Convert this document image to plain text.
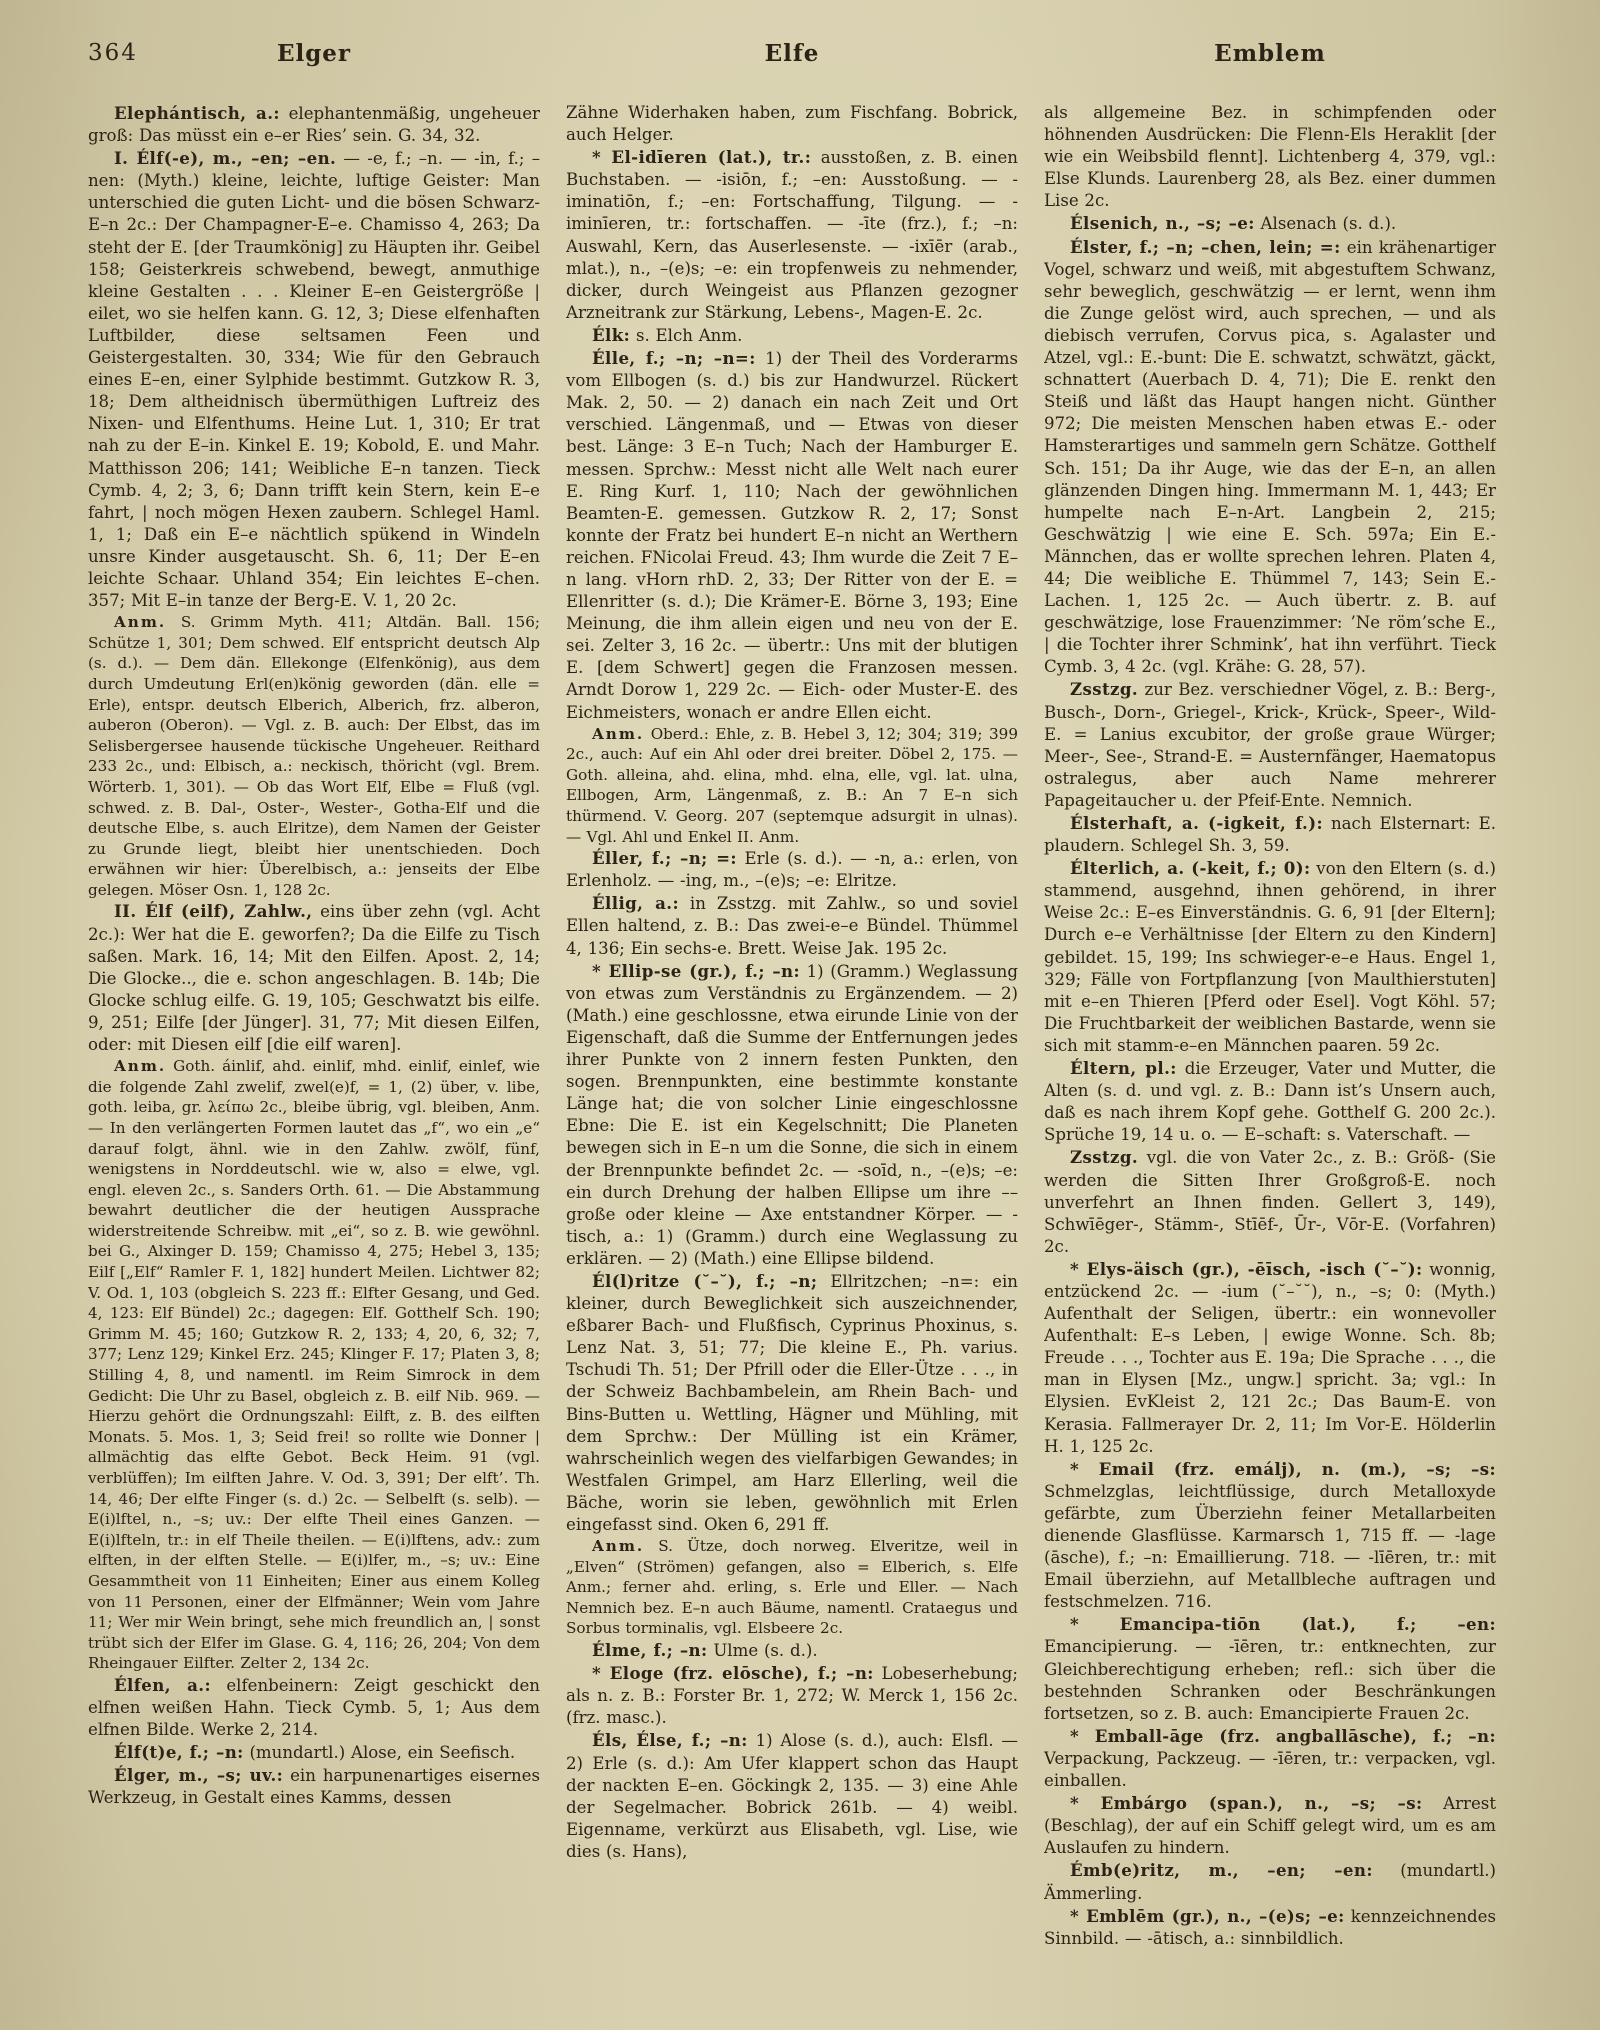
364	Elger	Elfe	Emblem

Elephántisch, a.: elephantenmäßig, ungeheuer groß: Das müsst ein e–er Ries’ sein. G. 34, 32.

I. Élf(-e), m., –en; –en. — -e, f.; –n. — -in, f.; –nen: (Myth.) kleine, leichte, luftige Geister: Man unterschied die guten Licht- und die bösen Schwarz-E–n 2c.: Der Champagner-E–e. Chamisso 4, 263; Da steht der E. [der Traumkönig] zu Häupten ihr. Geibel 158; Geisterkreis schwebend, bewegt, anmuthige kleine Gestalten . . . Kleiner E–en Geistergröße | eilet, wo sie helfen kann. G. 12, 3; Diese elfenhaften Luftbilder, diese seltsamen Feen und Geistergestalten. 30, 334; Wie für den Gebrauch eines E–en, einer Sylphide bestimmt. Gutzkow R. 3, 18; Dem altheidnisch übermüthigen Luftreiz des Nixen- und Elfenthums. Heine Lut. 1, 310; Er trat nah zu der E–in. Kinkel E. 19; Kobold, E. und Mahr. Matthisson 206; 141; Weibliche E–n tanzen. Tieck Cymb. 4, 2; 3, 6; Dann trifft kein Stern, kein E–e fahrt, | noch mögen Hexen zaubern. Schlegel Haml. 1, 1; Daß ein E–e nächtlich spükend in Windeln unsre Kinder ausgetauscht. Sh. 6, 11; Der E–en leichte Schaar. Uhland 354; Ein leichtes E–chen. 357; Mit E–in tanze der Berg-E. V. 1, 20 2c.

Anm. S. Grimm Myth. 411; Altdän. Ball. 156; Schütze 1, 301; Dem schwed. Elf entspricht deutsch Alp (s. d.). — Dem dän. Ellekonge (Elfenkönig), aus dem durch Umdeutung Erl(en)könig geworden (dän. elle = Erle), entspr. deutsch Elberich, Alberich, frz. alberon, auberon (Oberon). — Vgl. z. B. auch: Der Elbst, das im Selisbergersee hausende tückische Ungeheuer. Reithard 233 2c., und: Elbisch, a.: neckisch, thöricht (vgl. Brem. Wörterb. 1, 301). — Ob das Wort Elf, Elbe = Fluß (vgl. schwed. z. B. Dal-, Oster-, Wester-, Gotha-Elf und die deutsche Elbe, s. auch Elritze), dem Namen der Geister zu Grunde liegt, bleibt hier unentschieden. Doch erwähnen wir hier: Überelbisch, a.: jenseits der Elbe gelegen. Möser Osn. 1, 128 2c.

II. Élf (eilf), Zahlw., eins über zehn (vgl. Acht 2c.): Wer hat die E. geworfen?; Da die Eilfe zu Tisch saßen. Mark. 16, 14; Mit den Eilfen. Apost. 2, 14; Die Glocke.., die e. schon angeschlagen. B. 14b; Die Glocke schlug eilfe. G. 19, 105; Geschwatzt bis eilfe. 9, 251; Eilfe [der Jünger]. 31, 77; Mit diesen Eilfen, oder: mit Diesen eilf [die eilf waren].

Anm. Goth. áinlif, ahd. einlif, mhd. einlif, einlef, wie die folgende Zahl zwelif, zwel(e)f, = 1, (2) über, v. libe, goth. leiba, gr. λείπω 2c., bleibe übrig, vgl. bleiben, Anm. — In den verlängerten Formen lautet das „f“, wo ein „e“ darauf folgt, ähnl. wie in den Zahlw. zwölf, fünf, wenigstens in Norddeutschl. wie w, also = elwe, vgl. engl. eleven 2c., s. Sanders Orth. 61. — Die Abstammung bewahrt deutlicher die der heutigen Aussprache widerstreitende Schreibw. mit „ei“, so z. B. wie gewöhnl. bei G., Alxinger D. 159; Chamisso 4, 275; Hebel 3, 135; Eilf [„Elf“ Ramler F. 1, 182] hundert Meilen. Lichtwer 82; V. Od. 1, 103 (obgleich S. 223 ff.: Elfter Gesang, und Ged. 4, 123: Elf Bündel) 2c.; dagegen: Elf. Gotthelf Sch. 190; Grimm M. 45; 160; Gutzkow R. 2, 133; 4, 20, 6, 32; 7, 377; Lenz 129; Kinkel Erz. 245; Klinger F. 17; Platen 3, 8; Stilling 4, 8, und namentl. im Reim Simrock in dem Gedicht: Die Uhr zu Basel, obgleich z. B. eilf Nib. 969. — Hierzu gehört die Ordnungszahl: Eilft, z. B. des eilften Monats. 5. Mos. 1, 3; Seid frei! so rollte wie Donner | allmächtig das elfte Gebot. Beck Heim. 91 (vgl. verblüffen); Im eilften Jahre. V. Od. 3, 391; Der elft’. Th. 14, 46; Der elfte Finger (s. d.) 2c. — Selbelft (s. selb). — E(i)lftel, n., –s; uv.: Der elfte Theil eines Ganzen. — E(i)lfteln, tr.: in elf Theile theilen. — E(i)lftens, adv.: zum elften, in der elften Stelle. — E(i)lfer, m., –s; uv.: Eine Gesammtheit von 11 Einheiten; Einer aus einem Kolleg von 11 Personen, einer der Elfmänner; Wein vom Jahre 11; Wer mir Wein bringt, sehe mich freundlich an, | sonst trübt sich der Elfer im Glase. G. 4, 116; 26, 204; Von dem Rheingauer Eilfter. Zelter 2, 134 2c.

Élfen, a.: elfenbeinern: Zeigt geschickt den elfnen weißen Hahn. Tieck Cymb. 5, 1; Aus dem elfnen Bilde. Werke 2, 214.

Élf(t)e, f.; –n: (mundartl.) Alose, ein Seefisch.

Élger, m., –s; uv.: ein harpunenartiges eisernes Werkzeug, in Gestalt eines Kamms, dessen

Zähne Widerhaken haben, zum Fischfang. Bobrick, auch Helger.

* El-idīeren (lat.), tr.: ausstoßen, z. B. einen Buchstaben. — -isiōn, f.; –en: Ausstoßung. — -iminatiōn, f.; –en: Fortschaffung, Tilgung. — -iminīeren, tr.: fortschaffen. — -īte (frz.), f.; –n: Auswahl, Kern, das Auserlesenste. — -ixīēr (arab., mlat.), n., –(e)s; –e: ein tropfenweis zu nehmender, dicker, durch Weingeist aus Pflanzen gezogner Arzneitrank zur Stärkung, Lebens-, Magen-E. 2c.

Élk: s. Elch Anm.

Élle, f.; –n; –n=: 1) der Theil des Vorderarms vom Ellbogen (s. d.) bis zur Handwurzel. Rückert Mak. 2, 50. — 2) danach ein nach Zeit und Ort verschied. Längenmaß, und — Etwas von dieser best. Länge: 3 E–n Tuch; Nach der Hamburger E. messen. Sprchw.: Messt nicht alle Welt nach eurer E. Ring Kurf. 1, 110; Nach der gewöhnlichen Beamten-E. gemessen. Gutzkow R. 2, 17; Sonst konnte der Fratz bei hundert E–n nicht an Werthern reichen. FNicolai Freud. 43; Ihm wurde die Zeit 7 E–n lang. vHorn rhD. 2, 33; Der Ritter von der E. = Ellenritter (s. d.); Die Krämer-E. Börne 3, 193; Eine Meinung, die ihm allein eigen und neu von der E. sei. Zelter 3, 16 2c. — übertr.: Uns mit der blutigen E. [dem Schwert] gegen die Franzosen messen. Arndt Dorow 1, 229 2c. — Eich- oder Muster-E. des Eichmeisters, wonach er andre Ellen eicht.

Anm. Oberd.: Ehle, z. B. Hebel 3, 12; 304; 319; 399 2c., auch: Auf ein Ahl oder drei breiter. Döbel 2, 175. — Goth. alleina, ahd. elina, mhd. elna, elle, vgl. lat. ulna, Ellbogen, Arm, Längenmaß, z. B.: An 7 E–n sich thürmend. V. Georg. 207 (septemque adsurgit in ulnas). — Vgl. Ahl und Enkel II. Anm.

Éller, f.; –n; =: Erle (s. d.). — -n, a.: erlen, von Erlenholz. — -ing, m., –(e)s; –e: Elritze.

Éllig, a.: in Zsstzg. mit Zahlw., so und soviel Ellen haltend, z. B.: Das zwei-e–e Bündel. Thümmel 4, 136; Ein sechs-e. Brett. Weise Jak. 195 2c.

* Ellip-se (gr.), f.; –n: 1) (Gramm.) Weglassung von etwas zum Verständnis zu Ergänzendem. — 2) (Math.) eine geschlossne, etwa eirunde Linie von der Eigenschaft, daß die Summe der Entfernungen jedes ihrer Punkte von 2 innern festen Punkten, den sogen. Brennpunkten, eine bestimmte konstante Länge hat; die von solcher Linie eingeschlossne Ebne: Die E. ist ein Kegelschnitt; Die Planeten bewegen sich in E–n um die Sonne, die sich in einem der Brennpunkte befindet 2c. — -soīd, n., –(e)s; –e: ein durch Drehung der halben Ellipse um ihre –– große oder kleine — Axe entstandner Körper. — -tisch, a.: 1) (Gramm.) durch eine Weglassung zu erklären. — 2) (Math.) eine Ellipse bildend.

Él(l)ritze (˘–˘), f.; –n; Ellritzchen; –n=: ein kleiner, durch Beweglichkeit sich auszeichnender, eßbarer Bach- und Flußfisch, Cyprinus Phoxinus, s. Lenz Nat. 3, 51; 77; Die kleine E., Ph. varius. Tschudi Th. 51; Der Pfrill oder die Eller-Ütze . . ., in der Schweiz Bachbambelein, am Rhein Bach- und Bins-Butten u. Wettling, Hägner und Mühling, mit dem Sprchw.: Der Mülling ist ein Krämer, wahrscheinlich wegen des vielfarbigen Gewandes; in Westfalen Grimpel, am Harz Ellerling, weil die Bäche, worin sie leben, gewöhnlich mit Erlen eingefasst sind. Oken 6, 291 ff.

Anm. S. Ütze, doch norweg. Elveritze, weil in „Elven“ (Strömen) gefangen, also = Elberich, s. Elfe Anm.; ferner ahd. erling, s. Erle und Eller. — Nach Nemnich bez. E–n auch Bäume, namentl. Crataegus und Sorbus torminalis, vgl. Elsbeere 2c.

Élme, f.; –n: Ulme (s. d.).

* Eloge (frz. elōsche), f.; –n: Lobeserhebung; als n. z. B.: Forster Br. 1, 272; W. Merck 1, 156 2c. (frz. masc.).

Éls, Élse, f.; –n: 1) Alose (s. d.), auch: Elsfl. — 2) Erle (s. d.): Am Ufer klappert schon das Haupt der nackten E–en. Göckingk 2, 135. — 3) eine Ahle der Segelmacher. Bobrick 261b. — 4) weibl. Eigenname, verkürzt aus Elisabeth, vgl. Lise, wie dies (s. Hans),

als allgemeine Bez. in schimpfenden oder höhnenden Ausdrücken: Die Flenn-Els Heraklit [der wie ein Weibsbild flennt]. Lichtenberg 4, 379, vgl.: Else Klunds. Laurenberg 28, als Bez. einer dummen Lise 2c.

Élsenich, n., –s; –e: Alsenach (s. d.).

Élster, f.; –n; –chen, lein; =: ein krähenartiger Vogel, schwarz und weiß, mit abgestuftem Schwanz, sehr beweglich, geschwätzig — er lernt, wenn ihm die Zunge gelöst wird, auch sprechen, — und als diebisch verrufen, Corvus pica, s. Agalaster und Atzel, vgl.: E.-bunt: Die E. schwatzt, schwätzt, gäckt, schnattert (Auerbach D. 4, 71); Die E. renkt den Steiß und läßt das Haupt hangen nicht. Günther 972; Die meisten Menschen haben etwas E.- oder Hamsterartiges und sammeln gern Schätze. Gotthelf Sch. 151; Da ihr Auge, wie das der E–n, an allen glänzenden Dingen hing. Immermann M. 1, 443; Er humpelte nach E–n-Art. Langbein 2, 215; Geschwätzig | wie eine E. Sch. 597a; Ein E.-Männchen, das er wollte sprechen lehren. Platen 4, 44; Die weibliche E. Thümmel 7, 143; Sein E.-Lachen. 1, 125 2c. — Auch übertr. z. B. auf geschwätzige, lose Frauenzimmer: ’Ne röm’sche E., | die Tochter ihrer Schmink’, hat ihn verführt. Tieck Cymb. 3, 4 2c. (vgl. Krähe: G. 28, 57).

Zsstzg. zur Bez. verschiedner Vögel, z. B.: Berg-, Busch-, Dorn-, Griegel-, Krick-, Krück-, Speer-, Wild-E. = Lanius excubitor, der große graue Würger; Meer-, See-, Strand-E. = Austernfänger, Haematopus ostralegus, aber auch Name mehrerer Papageitaucher u. der Pfeif-Ente. Nemnich.

Élsterhaft, a. (-igkeit, f.): nach Elsternart: E. plaudern. Schlegel Sh. 3, 59.

Élterlich, a. (-keit, f.; 0): von den Eltern (s. d.) stammend, ausgehnd, ihnen gehörend, in ihrer Weise 2c.: E–es Einverständnis. G. 6, 91 [der Eltern]; Durch e–e Verhältnisse [der Eltern zu den Kindern] gebildet. 15, 199; Ins schwieger-e–e Haus. Engel 1, 329; Fälle von Fortpflanzung [von Maulthierstuten] mit e–en Thieren [Pferd oder Esel]. Vogt Köhl. 57; Die Fruchtbarkeit der weiblichen Bastarde, wenn sie sich mit stamm-e–en Männchen paaren. 59 2c.

Éltern, pl.: die Erzeuger, Vater und Mutter, die Alten (s. d. und vgl. z. B.: Dann ist’s Unsern auch, daß es nach ihrem Kopf gehe. Gotthelf G. 200 2c.). Sprüche 19, 14 u. o. — E–schaft: s. Vaterschaft. —

Zsstzg. vgl. die von Vater 2c., z. B.: Größ- (Sie werden die Sitten Ihrer Großgroß-E. noch unverfehrt an Ihnen finden. Gellert 3, 149), Schwīēger-, Stämm-, Stīēf-, Ūr-, Vōr-E. (Vorfahren) 2c.

* Elys-äisch (gr.), -ēīsch, -isch (˘–˘): wonnig, entzückend 2c. — -ium (˘–˘˘), n., –s; 0: (Myth.) Aufenthalt der Seligen, übertr.: ein wonnevoller Aufenthalt: E–s Leben, | ewige Wonne. Sch. 8b; Freude . . ., Tochter aus E. 19a; Die Sprache . . ., die man in Elysen [Mz., ungw.] spricht. 3a; vgl.: In Elysien. EvKleist 2, 121 2c.; Das Baum-E. von Kerasia. Fallmerayer Dr. 2, 11; Im Vor-E. Hölderlin H. 1, 125 2c.

* Email (frz. emálj), n. (m.), –s; –s: Schmelzglas, leichtflüssige, durch Metalloxyde gefärbte, zum Überziehn feiner Metallarbeiten dienende Glasflüsse. Karmarsch 1, 715 ff. — -lage (āsche), f.; –n: Emaillierung. 718. — -līēren, tr.: mit Email überziehn, auf Metallbleche auftragen und festschmelzen. 716.

* Emancipa-tiōn (lat.), f.; –en: Emancipierung. — -īēren, tr.: entknechten, zur Gleichberechtigung erheben; refl.: sich über die bestehnden Schranken oder Beschränkungen fortsetzen, so z. B. auch: Emancipierte Frauen 2c.

* Emball-āge (frz. angballāsche), f.; –n: Verpackung, Packzeug. — -īēren, tr.: verpacken, vgl. einballen.

* Embárgo (span.), n., –s; –s: Arrest (Beschlag), der auf ein Schiff gelegt wird, um es am Auslaufen zu hindern.

Émb(e)ritz, m., –en; –en: (mundartl.) Ämmerling.

* Emblēm (gr.), n., –(e)s; –e: kennzeichnendes Sinnbild. — -ātisch, a.: sinnbildlich.
